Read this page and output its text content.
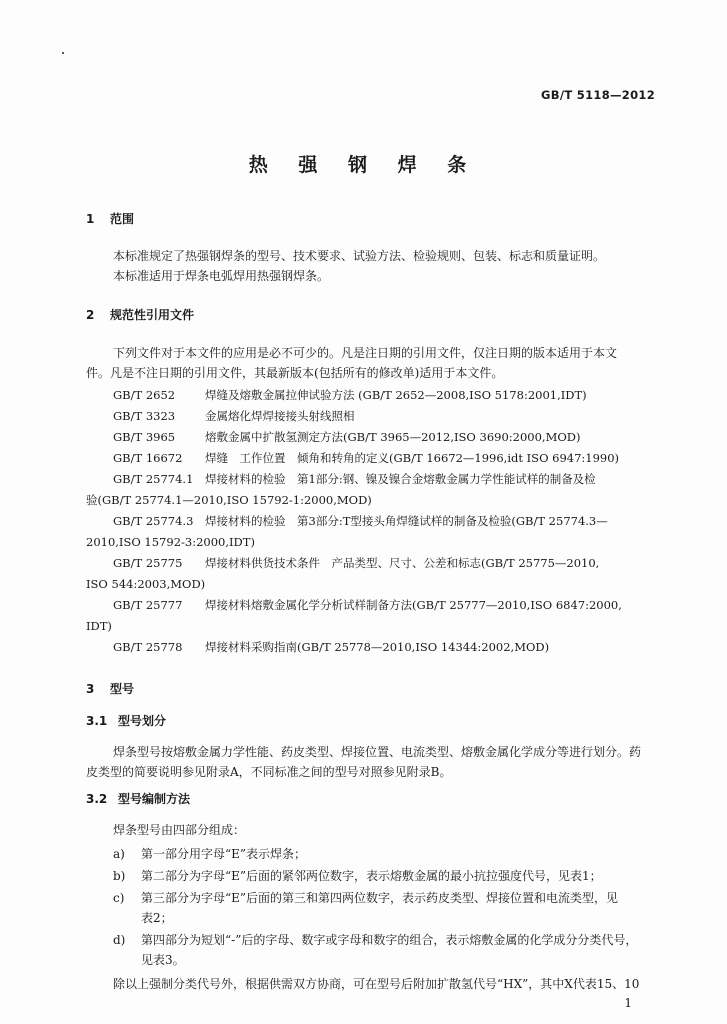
GB/T 5118—2012
热 强 钢 焊 条
1 范围
本标准规定了热强钢焊条的型号、技术要求、试验方法、检验规则、包装、标志和质量证明。
本标准适用于焊条电弧焊用热强钢焊条。
2 规范性引用文件
下列文件对于本文件的应用是必不可少的。凡是注日期的引用文件，仅注日期的版本适用于本文
件。凡是不注日期的引用文件，其最新版本(包括所有的修改单)适用于本文件。
GB/T 2652	焊缝及熔敷金属拉伸试验方法 (GB/T 2652—2008,ISO 5178:2001,IDT)
GB/T 3323	金属熔化焊焊接接头射线照相
GB/T 3965	熔敷金属中扩散氢测定方法(GB/T 3965—2012,ISO 3690:2000,MOD)
GB/T 16672 焊缝　工作位置　倾角和转角的定义(GB/T 16672—1996,idt ISO 6947:1990)
GB/T 25774.1 焊接材料的检验　第1部分:钢、镍及镍合金熔敷金属力学性能试样的制备及检
验(GB/T 25774.1—2010,ISO 15792-1:2000,MOD)
GB/T 25774.3 焊接材料的检验　第3部分:T型接头角焊缝试样的制备及检验(GB/T 25774.3—
2010,ISO 15792-3:2000,IDT)
GB/T 25775 焊接材料供货技术条件　产品类型、尺寸、公差和标志(GB/T 25775—2010,
ISO 544:2003,MOD)
GB/T 25777 焊接材料熔敷金属化学分析试样制备方法(GB/T 25777—2010,ISO 6847:2000,
IDT)
GB/T 25778 焊接材料采购指南(GB/T 25778—2010,ISO 14344:2002,MOD)
3 型号
3.1 型号划分
焊条型号按熔敷金属力学性能、药皮类型、焊接位置、电流类型、熔敷金属化学成分等进行划分。药
皮类型的简要说明参见附录A，不同标准之间的型号对照参见附录B。
3.2 型号编制方法
焊条型号由四部分组成：
a) 第一部分用字母“E”表示焊条；
b) 第二部分为字母“E”后面的紧邻两位数字，表示熔敷金属的最小抗拉强度代号，见表1；
c) 第三部分为字母“E”后面的第三和第四两位数字，表示药皮类型、焊接位置和电流类型，见
表2；
d) 第四部分为短划“-”后的字母、数字或字母和数字的组合，表示熔敷金属的化学成分分类代号，
见表3。
除以上强制分类代号外，根据供需双方协商，可在型号后附加扩散氢代号“HX”，其中X代表15、10
1
